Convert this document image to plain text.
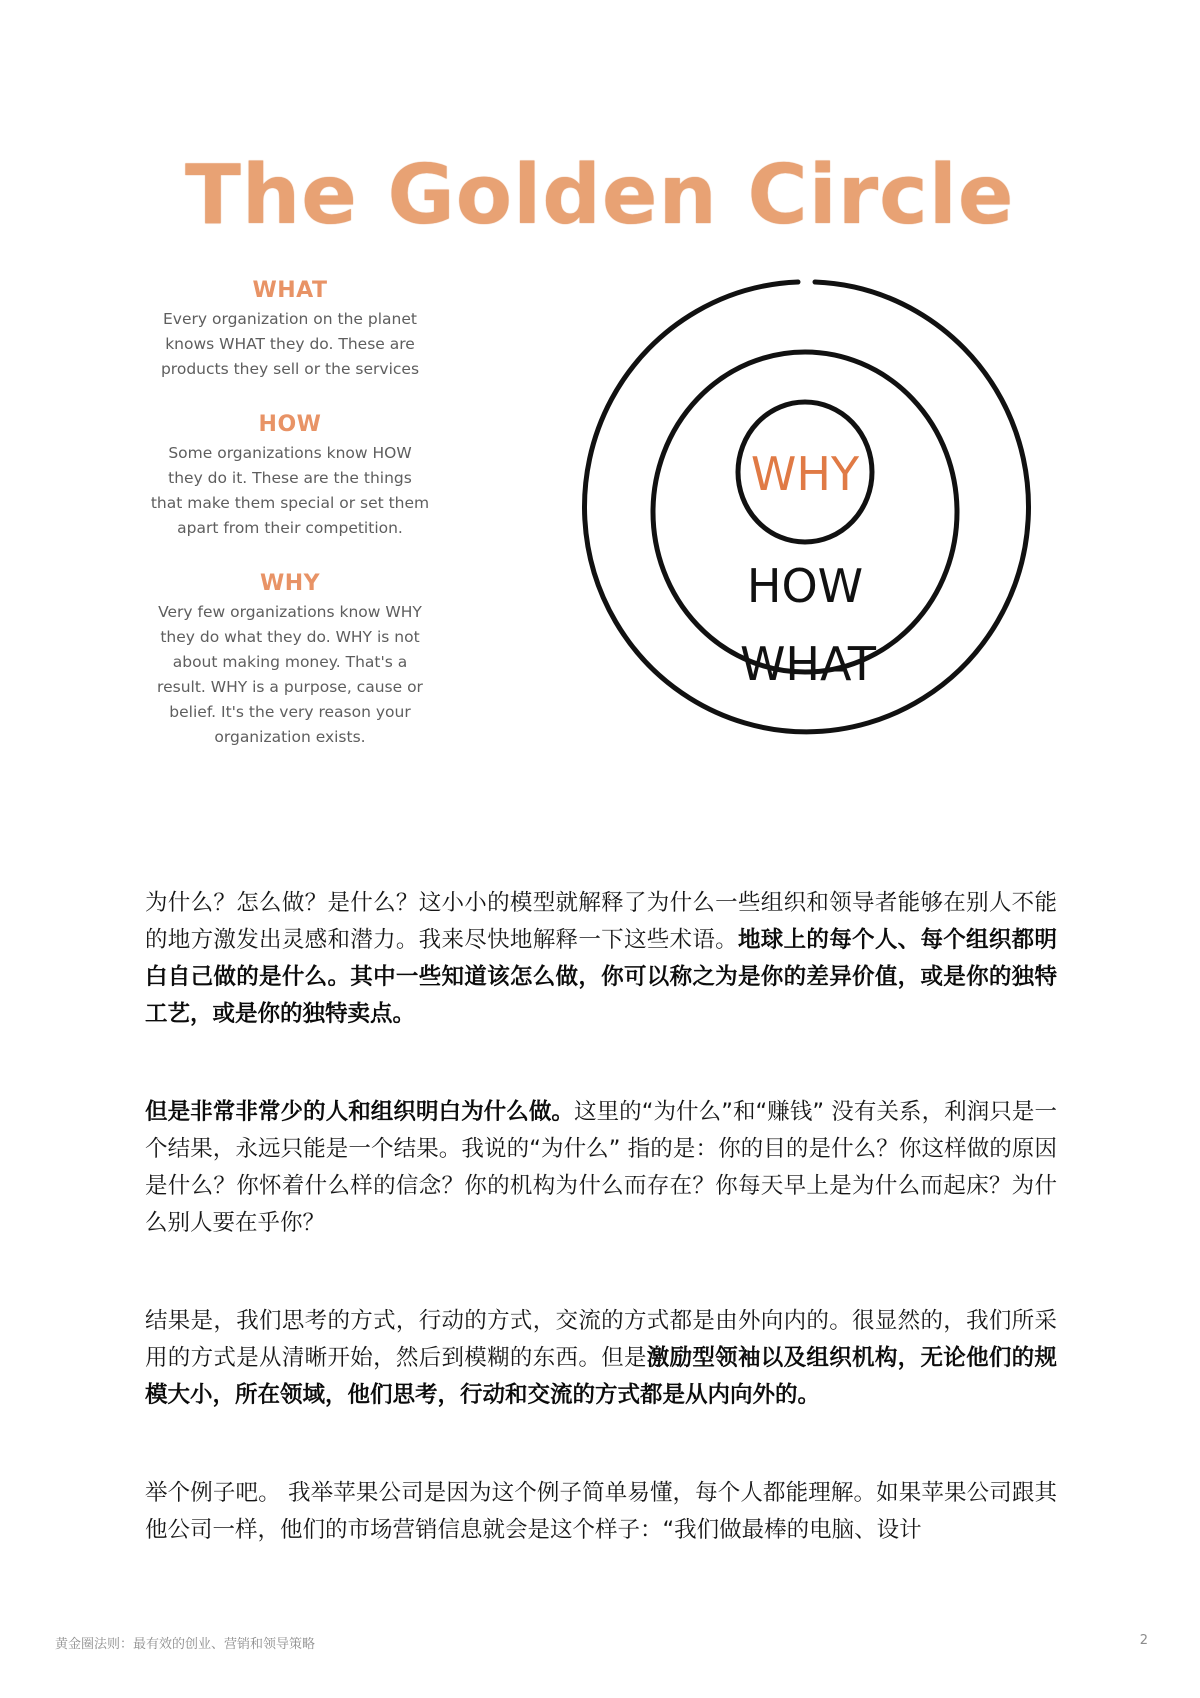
The Golden Circle
WHAT
Every organization on the planet knows WHAT they do. These are products they sell or the services
HOW
Some organizations know HOW they do it. These are the things that make them special or set them apart from their competition.
WHY
Very few organizations know WHY they do what they do. WHY is not about making money. That's a result. WHY is a purpose, cause or belief. It's the very reason your organization exists.
WHY
HOW
WHAT

为什么？怎么做？是什么？这小小的模型就解释了为什么一些组织和领导者能够在别人不能的地方激发出灵感和潜力。我来尽快地解释一下这些术语。地球上的每个人、每个组织都明白自己做的是什么。其中一些知道该怎么做，你可以称之为是你的差异价值，或是你的独特工艺，或是你的独特卖点。

但是非常非常少的人和组织明白为什么做。这里的“为什么”和“赚钱” 没有关系，利润只是一个结果，永远只能是一个结果。我说的“为什么” 指的是：你的目的是什么？你这样做的原因是什么？你怀着什么样的信念？你的机构为什么而存在？你每天早上是为什么而起床？为什么别人要在乎你？

结果是，我们思考的方式，行动的方式，交流的方式都是由外向内的。很显然的，我们所采用的方式是从清晰开始，然后到模糊的东西。但是激励型领袖以及组织机构，无论他们的规模大小，所在领域，他们思考，行动和交流的方式都是从内向外的。

举个例子吧。 我举苹果公司是因为这个例子简单易懂，每个人都能理解。如果苹果公司跟其他公司一样，他们的市场营销信息就会是这个样子：“我们做最棒的电脑、设计

黄金圈法则：最有效的创业、营销和领导策略	2
